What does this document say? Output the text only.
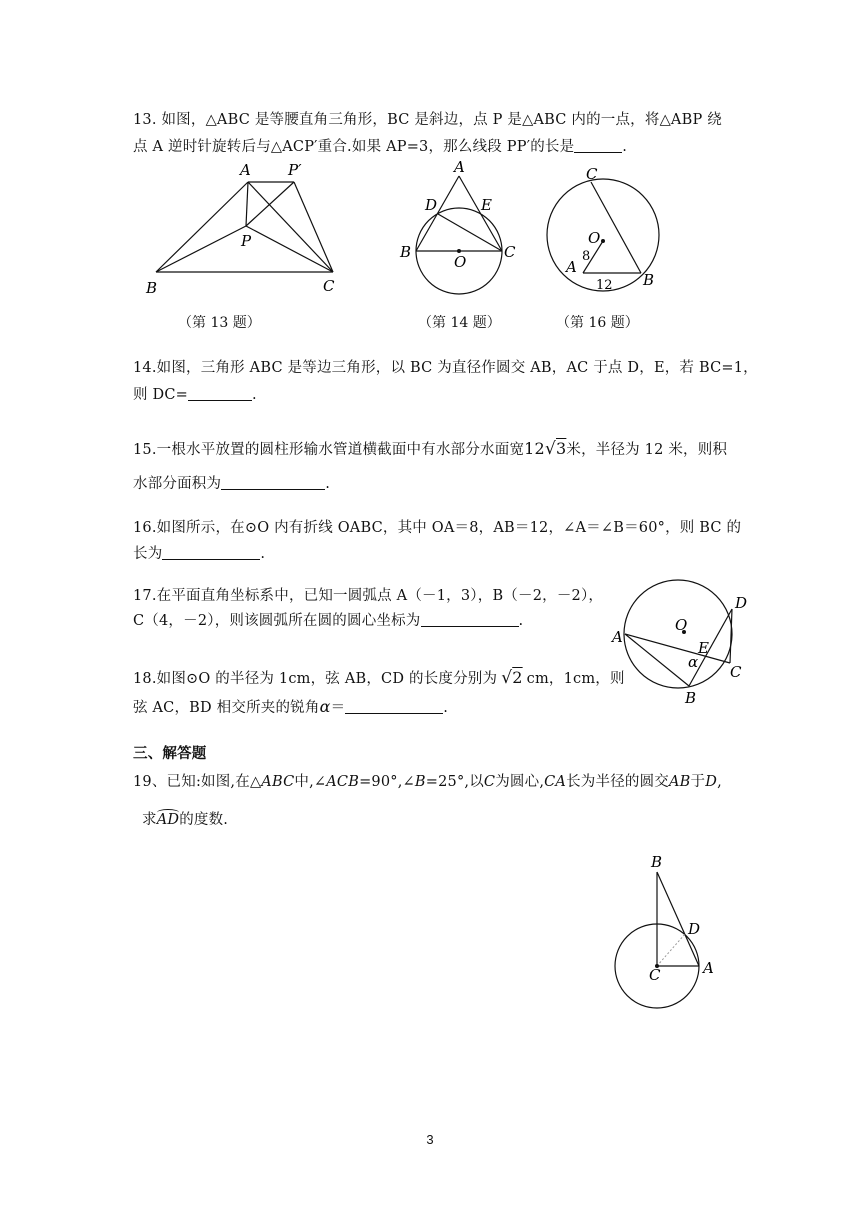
13. 如图，△ABC 是等腰直角三角形，BC 是斜边，点 P 是△ABC 内的一点，将△ABP 绕
点 A 逆时针旋转后与△ACP′重合.如果 AP=3，那么线段 PP′的长是	.
A P′
P
B	C
A
D	E
B
O
C
C
O
8
A
12 B
（第 13 题）	（第 14 题）	（第 16 题）
14.如图，三角形 ABC 是等边三角形，以 BC 为直径作圆交 AB，AC 于点 D，E，若 BC=1，
则 DC=	.
15.一根水平放置的圆柱形输水管道横截面中有水部分水面宽12√3米，半径为 12 米，则积
水部分面积为	.
16.如图所示，在⊙O 内有折线 OABC，其中 OA＝8，AB＝12，∠A＝∠B＝60°，则 BC 的
长为	.
17.在平面直角坐标系中，已知一圆弧点 A（－1，3），B（－2，－2），
C（4，－2），则该圆弧所在圆的圆心坐标为	.	O
D
A
E
α
C
B
18.如图⊙O 的半径为 1cm，弦 AB，CD 的长度分别为 √2 cm，1cm，则
弦 AC，BD 相交所夹的锐角α＝	.
三、解答题
19、已知:如图,在△ABC中,∠ACB=90°,∠B=25°,以C为圆心,CA长为半径的圆交AB于D,
求AD的度数.
B
D
C	A
3
